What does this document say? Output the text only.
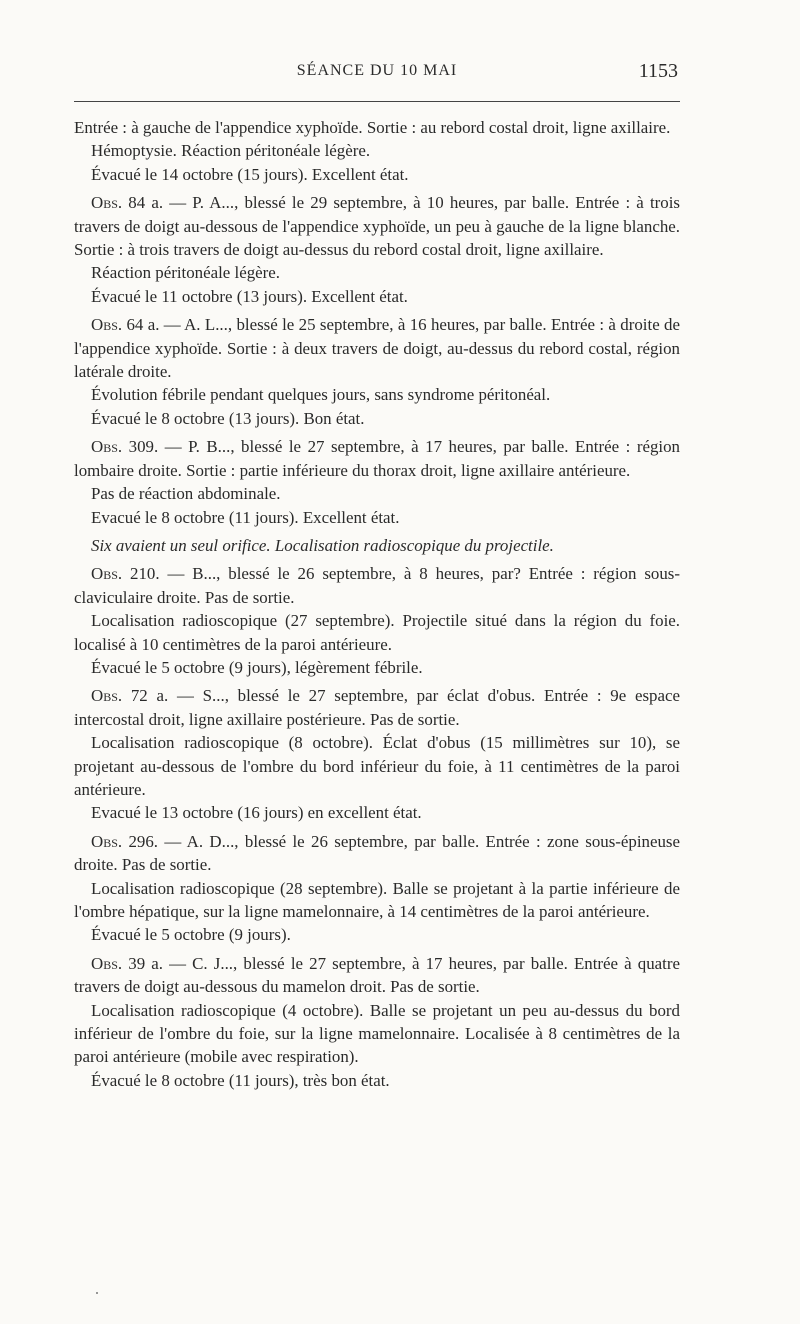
SÉANCE DU 10 MAI	1153

Entrée : à gauche de l'appendice xyphoïde. Sortie : au rebord costal droit, ligne axillaire.

Hémoptysie. Réaction péritonéale légère.

Évacué le 14 octobre (15 jours). Excellent état.

Obs. 84 a. — P. A..., blessé le 29 septembre, à 10 heures, par balle. Entrée : à trois travers de doigt au-dessous de l'appendice xyphoïde, un peu à gauche de la ligne blanche. Sortie : à trois travers de doigt au-dessus du rebord costal droit, ligne axillaire.

Réaction péritonéale légère.

Évacué le 11 octobre (13 jours). Excellent état.

Obs. 64 a. — A. L..., blessé le 25 septembre, à 16 heures, par balle. Entrée : à droite de l'appendice xyphoïde. Sortie : à deux travers de doigt, au-dessus du rebord costal, région latérale droite.

Évolution fébrile pendant quelques jours, sans syndrome péritonéal.

Évacué le 8 octobre (13 jours). Bon état.

Obs. 309. — P. B..., blessé le 27 septembre, à 17 heures, par balle. Entrée : région lombaire droite. Sortie : partie inférieure du thorax droit, ligne axillaire antérieure.

Pas de réaction abdominale.

Evacué le 8 octobre (11 jours). Excellent état.

Six avaient un seul orifice. Localisation radioscopique du projectile.

Obs. 210. — B..., blessé le 26 septembre, à 8 heures, par? Entrée : région sous-claviculaire droite. Pas de sortie.

Localisation radioscopique (27 septembre). Projectile situé dans la région du foie. localisé à 10 centimètres de la paroi antérieure.

Évacué le 5 octobre (9 jours), légèrement fébrile.

Obs. 72 a. — S..., blessé le 27 septembre, par éclat d'obus. Entrée : 9e espace intercostal droit, ligne axillaire postérieure. Pas de sortie.

Localisation radioscopique (8 octobre). Éclat d'obus (15 millimètres sur 10), se projetant au-dessous de l'ombre du bord inférieur du foie, à 11 centimètres de la paroi antérieure.

Evacué le 13 octobre (16 jours) en excellent état.

Obs. 296. — A. D..., blessé le 26 septembre, par balle. Entrée : zone sous-épineuse droite. Pas de sortie.

Localisation radioscopique (28 septembre). Balle se projetant à la partie inférieure de l'ombre hépatique, sur la ligne mamelonnaire, à 14 centimètres de la paroi antérieure.

Évacué le 5 octobre (9 jours).

Obs. 39 a. — C. J..., blessé le 27 septembre, à 17 heures, par balle. Entrée à quatre travers de doigt au-dessous du mamelon droit. Pas de sortie.

Localisation radioscopique (4 octobre). Balle se projetant un peu au-dessus du bord inférieur de l'ombre du foie, sur la ligne mamelonnaire. Localisée à 8 centimètres de la paroi antérieure (mobile avec respiration).

Évacué le 8 octobre (11 jours), très bon état.
